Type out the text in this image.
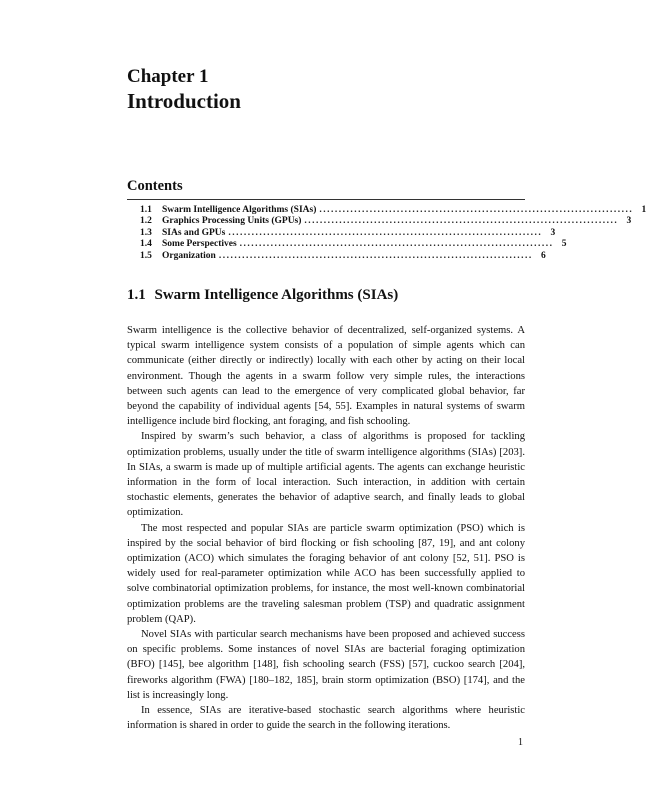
Chapter 1
Introduction
Contents
1.1	Swarm Intelligence Algorithms (SIAs) ................................................................................. 1
1.2	Graphics Processing Units (GPUs) ................................................................................. 3
1.3	SIAs and GPUs ................................................................................. 3
1.4	Some Perspectives ................................................................................. 5
1.5	Organization ................................................................................. 6
1.1 Swarm Intelligence Algorithms (SIAs)

Swarm intelligence is the collective behavior of decentralized, self-organized systems. A typical swarm intelligence system consists of a population of simple agents which can communicate (either directly or indirectly) locally with each other by acting on their local environment. Though the agents in a swarm follow very simple rules, the interactions between such agents can lead to the emergence of very complicated global behavior, far beyond the capability of individual agents [54, 55]. Examples in natural systems of swarm intelligence include bird flocking, ant foraging, and fish schooling.

Inspired by swarm’s such behavior, a class of algorithms is proposed for tackling optimization problems, usually under the title of swarm intelligence algorithms (SIAs) [203]. In SIAs, a swarm is made up of multiple artificial agents. The agents can exchange heuristic information in the form of local interaction. Such interaction, in addition with certain stochastic elements, generates the behavior of adaptive search, and finally leads to global optimization.

The most respected and popular SIAs are particle swarm optimization (PSO) which is inspired by the social behavior of bird flocking or fish schooling [87, 19], and ant colony optimization (ACO) which simulates the foraging behavior of ant colony [52, 51]. PSO is widely used for real-parameter optimization while ACO has been successfully applied to solve combinatorial optimization problems, for instance, the most well-known combinatorial optimization problems are the traveling salesman problem (TSP) and quadratic assignment problem (QAP).

Novel SIAs with particular search mechanisms have been proposed and achieved success on specific problems. Some instances of novel SIAs are bacterial foraging optimization (BFO) [145], bee algorithm [148], fish schooling search (FSS) [57], cuckoo search [204], fireworks algorithm (FWA) [180–182, 185], brain storm optimization (BSO) [174], and the list is increasingly long.

In essence, SIAs are iterative-based stochastic search algorithms where heuristic information is shared in order to guide the search in the following iterations.

1
